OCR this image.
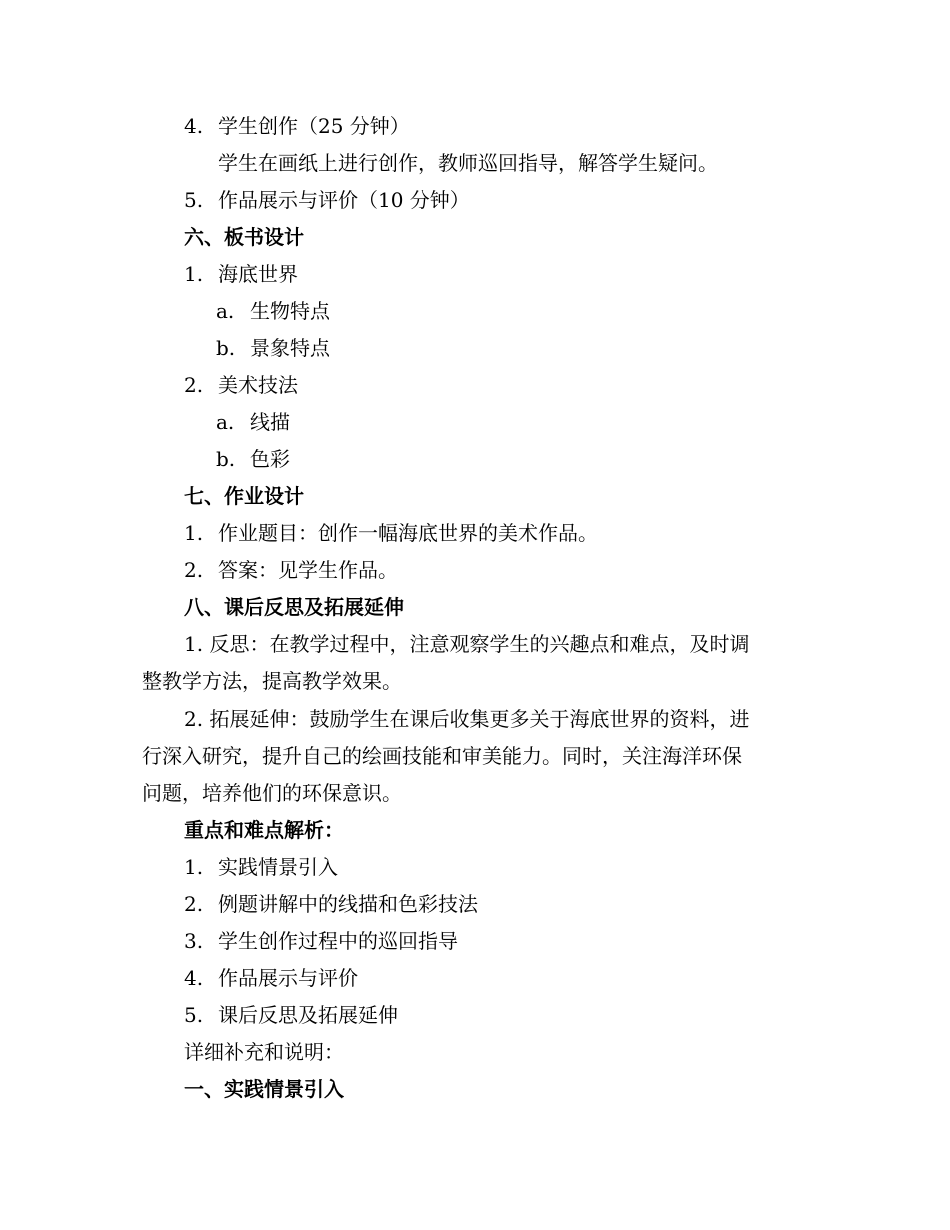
4. 学生创作（25 分钟）
学生在画纸上进行创作，教师巡回指导，解答学生疑问。
5. 作品展示与评价（10 分钟）
六、板书设计
1. 海底世界
a. 生物特点
b. 景象特点
2. 美术技法
a. 线描
b. 色彩
七、作业设计
1. 作业题目：创作一幅海底世界的美术作品。
2. 答案：见学生作品。
八、课后反思及拓展延伸
1. 反思：在教学过程中，注意观察学生的兴趣点和难点，及时调
整教学方法，提高教学效果。
2. 拓展延伸：鼓励学生在课后收集更多关于海底世界的资料，进
行深入研究，提升自己的绘画技能和审美能力。同时，关注海洋环保
问题，培养他们的环保意识。
重点和难点解析：
1. 实践情景引入
2. 例题讲解中的线描和色彩技法
3. 学生创作过程中的巡回指导
4. 作品展示与评价
5. 课后反思及拓展延伸
详细补充和说明：
一、实践情景引入
